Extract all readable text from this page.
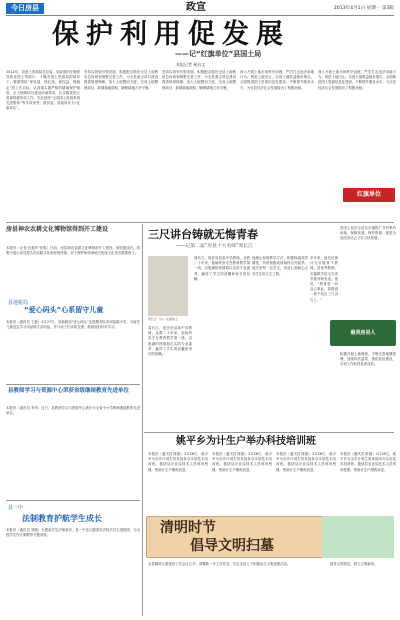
今日房县	政宣	2013年4月1日 星期一 第3版
保护利用促发展
——记“红旗单位”县国土局
本报记者 柯启文
2012年，县国土资源局在县委、县政府的正确领导和省国土资源厅、十堰市国土资源局的指导下，紧紧围绕“保发展、保红线、保权益、保稳定”的工作目标，认真落实最严格的耕地保护制度，全力保障项目建设用地需求，扎实推进国土资源管理各项工作，先后获得“全省国土资源系统先进集体”等多项荣誉，被县委、县政府评为“红旗单位”。
坚持以规划引领发展，积极配合做好全县土地利用总体规划调整完善工作，为全县重点项目建设提供规划保障。加大土地整治力度，完成土地整理项目，新增耕地面积，确保耕地占补平衡。
坚持以规划引领发展，积极配合做好全县土地利用总体规划调整完善工作，为全县重点项目建设提供规划保障。加大土地整治力度，完成土地整理项目，新增耕地面积，确保耕地占补平衡。
深入开展土地市场秩序治理，严厉打击违法用地行为。规范土地出让，实现土地收益稳步增长。全面推进国土资源信息化建设，不断提升服务水平，为全县经济社会发展做出了积极贡献。
深入开展土地市场秩序治理，严厉打击违法用地行为。规范土地出让，实现土地收益稳步增长。全面推进国土资源信息化建设，不断提升服务水平，为全县经济社会发展做出了积极贡献。
红旗单位
房县神农农耕文化博物馆得到开工建设
本报讯（记者 杜振华 张明）日前，房县神农农耕文化博物馆开工建设。该馆建成后，将集中展示房县悠久的农耕文化和民俗风情，对于保护和传承地方传统文化具有重要意义。
县地税局
“爱心码头”心系留守儿童
本报讯（通讯员 王磊）3月27日，县地税局“爱心码头”志愿服务队来到某镇小学，为留守儿童送去学习用品和生活用品，并与孩子们亲切交流，鼓励他们好好学习。
县教师学习与资源中心荣获省级继续教育先进单位
本报讯（通讯员 李华）近日，县教师学习与资源中心被评为全省中小学教师继续教育先进单位。
县一中
法制教育护航学生成长
本报讯（通讯员 刘强）为提高学生法律意识，县一中近日邀请县法院法官走进校园，为全校学生作法制教育专题讲座。
三尺讲台铸就无悔青春
——记第二届“房县十大名师”周长江
周长江（右）在课堂上
周长江，现任房县某中学教师。从教二十年来，他始终坚守在教育教学第一线，以饱满的热情和扎实的专业素养，赢得了学生的爱戴和家长的信赖。
周长江，现任房县某中学教师。从教二十年来，他始终坚守在教育教学第一线，以饱满的热情和扎实的专业素养，赢得了学生的爱戴和家长的信赖。
他潜心钻研教学方法，积极探索高效课堂，所带班级成绩始终名列前茅。他关爱每一位学生，用爱心和耐心点亮学生的人生之路。
多年来，他先后被评为市级骨干教师、县优秀教师，多篇教学论文在省市级刊物发表。他说：“教育是一份良心事业，我愿意一辈子站在三尺讲台上。”
县国土局在全县各乡镇推广节约集约用地，保障发展，保护资源，促进全县经济社会又好又快发展。
最美房县人
积极开展土地调查，不断完善地籍管理，加强执法监察，强化队伍建设，各项工作取得显著成效。
姚平乡为计生户举办科技培训班
本报讯（通讯员 陈刚）3月26日，姚平乡为全乡计划生育家庭举办实用技术培训班，邀请县农业局技术人员现场授课，帮助计生户增收致富。
本报讯（通讯员 陈刚）3月26日，姚平乡为全乡计划生育家庭举办实用技术培训班，邀请县农业局技术人员现场授课，帮助计生户增收致富。
本报讯（通讯员 陈刚）3月26日，姚平乡为全乡计划生育家庭举办实用技术培训班，邀请县农业局技术人员现场授课，帮助计生户增收致富。
本报讯（通讯员 陈刚）3月26日，姚平乡为全乡计划生育家庭举办实用技术培训班，邀请县农业局技术人员现场授课，帮助计生户增收致富。
全县精神文明建设工作会议召开，部署新一年工作任务，号召全县上下积极参与文明创建活动。
清明时节
倡导文明扫墓
倡导文明祭祀，树立文明新风。
